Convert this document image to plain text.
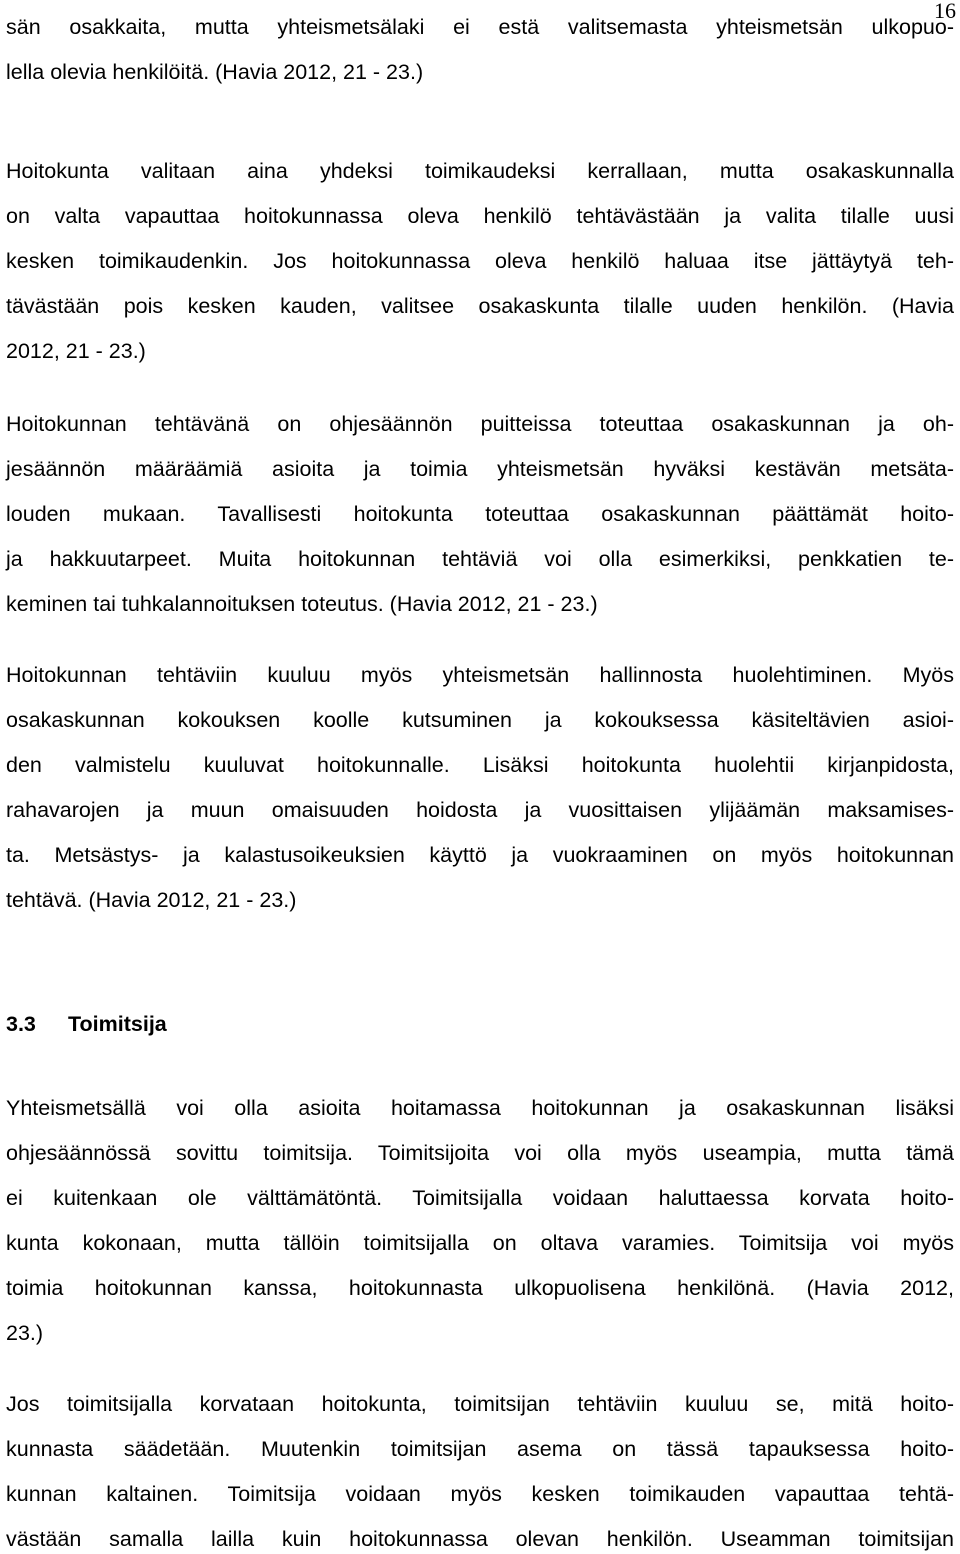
16
sän osakkaita, mutta yhteismetsälaki ei estä valitsemasta yhteismetsän ulkopuo-
lella olevia henkilöitä. (Havia 2012, 21 - 23.)
Hoitokunta valitaan aina yhdeksi toimikaudeksi kerrallaan, mutta osakaskunnalla
on valta vapauttaa hoitokunnassa oleva henkilö tehtävästään ja valita tilalle uusi
kesken toimikaudenkin. Jos hoitokunnassa oleva henkilö haluaa itse jättäytyä teh-
tävästään pois kesken kauden, valitsee osakaskunta tilalle uuden henkilön. (Havia
2012, 21 - 23.)
Hoitokunnan tehtävänä on ohjesäännön puitteissa toteuttaa osakaskunnan ja oh-
jesäännön määräämiä asioita ja toimia yhteismetsän hyväksi kestävän metsäta-
louden mukaan. Tavallisesti hoitokunta toteuttaa osakaskunnan päättämät hoito-
ja hakkuutarpeet. Muita hoitokunnan tehtäviä voi olla esimerkiksi, penkkatien te-
keminen tai tuhkalannoituksen toteutus. (Havia 2012, 21 - 23.)
Hoitokunnan tehtäviin kuuluu myös yhteismetsän hallinnosta huolehtiminen. Myös
osakaskunnan kokouksen koolle kutsuminen ja kokouksessa käsiteltävien asioi-
den valmistelu kuuluvat hoitokunnalle. Lisäksi hoitokunta huolehtii kirjanpidosta,
rahavarojen ja muun omaisuuden hoidosta ja vuosittaisen ylijäämän maksamises-
ta. Metsästys- ja kalastusoikeuksien käyttö ja vuokraaminen on myös hoitokunnan
tehtävä. (Havia 2012, 21 - 23.)
3.3 Toimitsija
Yhteismetsällä voi olla asioita hoitamassa hoitokunnan ja osakaskunnan lisäksi
ohjesäännössä sovittu toimitsija. Toimitsijoita voi olla myös useampia, mutta tämä
ei kuitenkaan ole välttämätöntä. Toimitsijalla voidaan haluttaessa korvata hoito-
kunta kokonaan, mutta tällöin toimitsijalla on oltava varamies. Toimitsija voi myös
toimia hoitokunnan kanssa, hoitokunnasta ulkopuolisena henkilönä. (Havia 2012,
23.)
Jos toimitsijalla korvataan hoitokunta, toimitsijan tehtäviin kuuluu se, mitä hoito-
kunnasta säädetään. Muutenkin toimitsijan asema on tässä tapauksessa hoito-
kunnan kaltainen. Toimitsija voidaan myös kesken toimikauden vapauttaa tehtä-
västään samalla lailla kuin hoitokunnassa olevan henkilön. Useamman toimitsijan
